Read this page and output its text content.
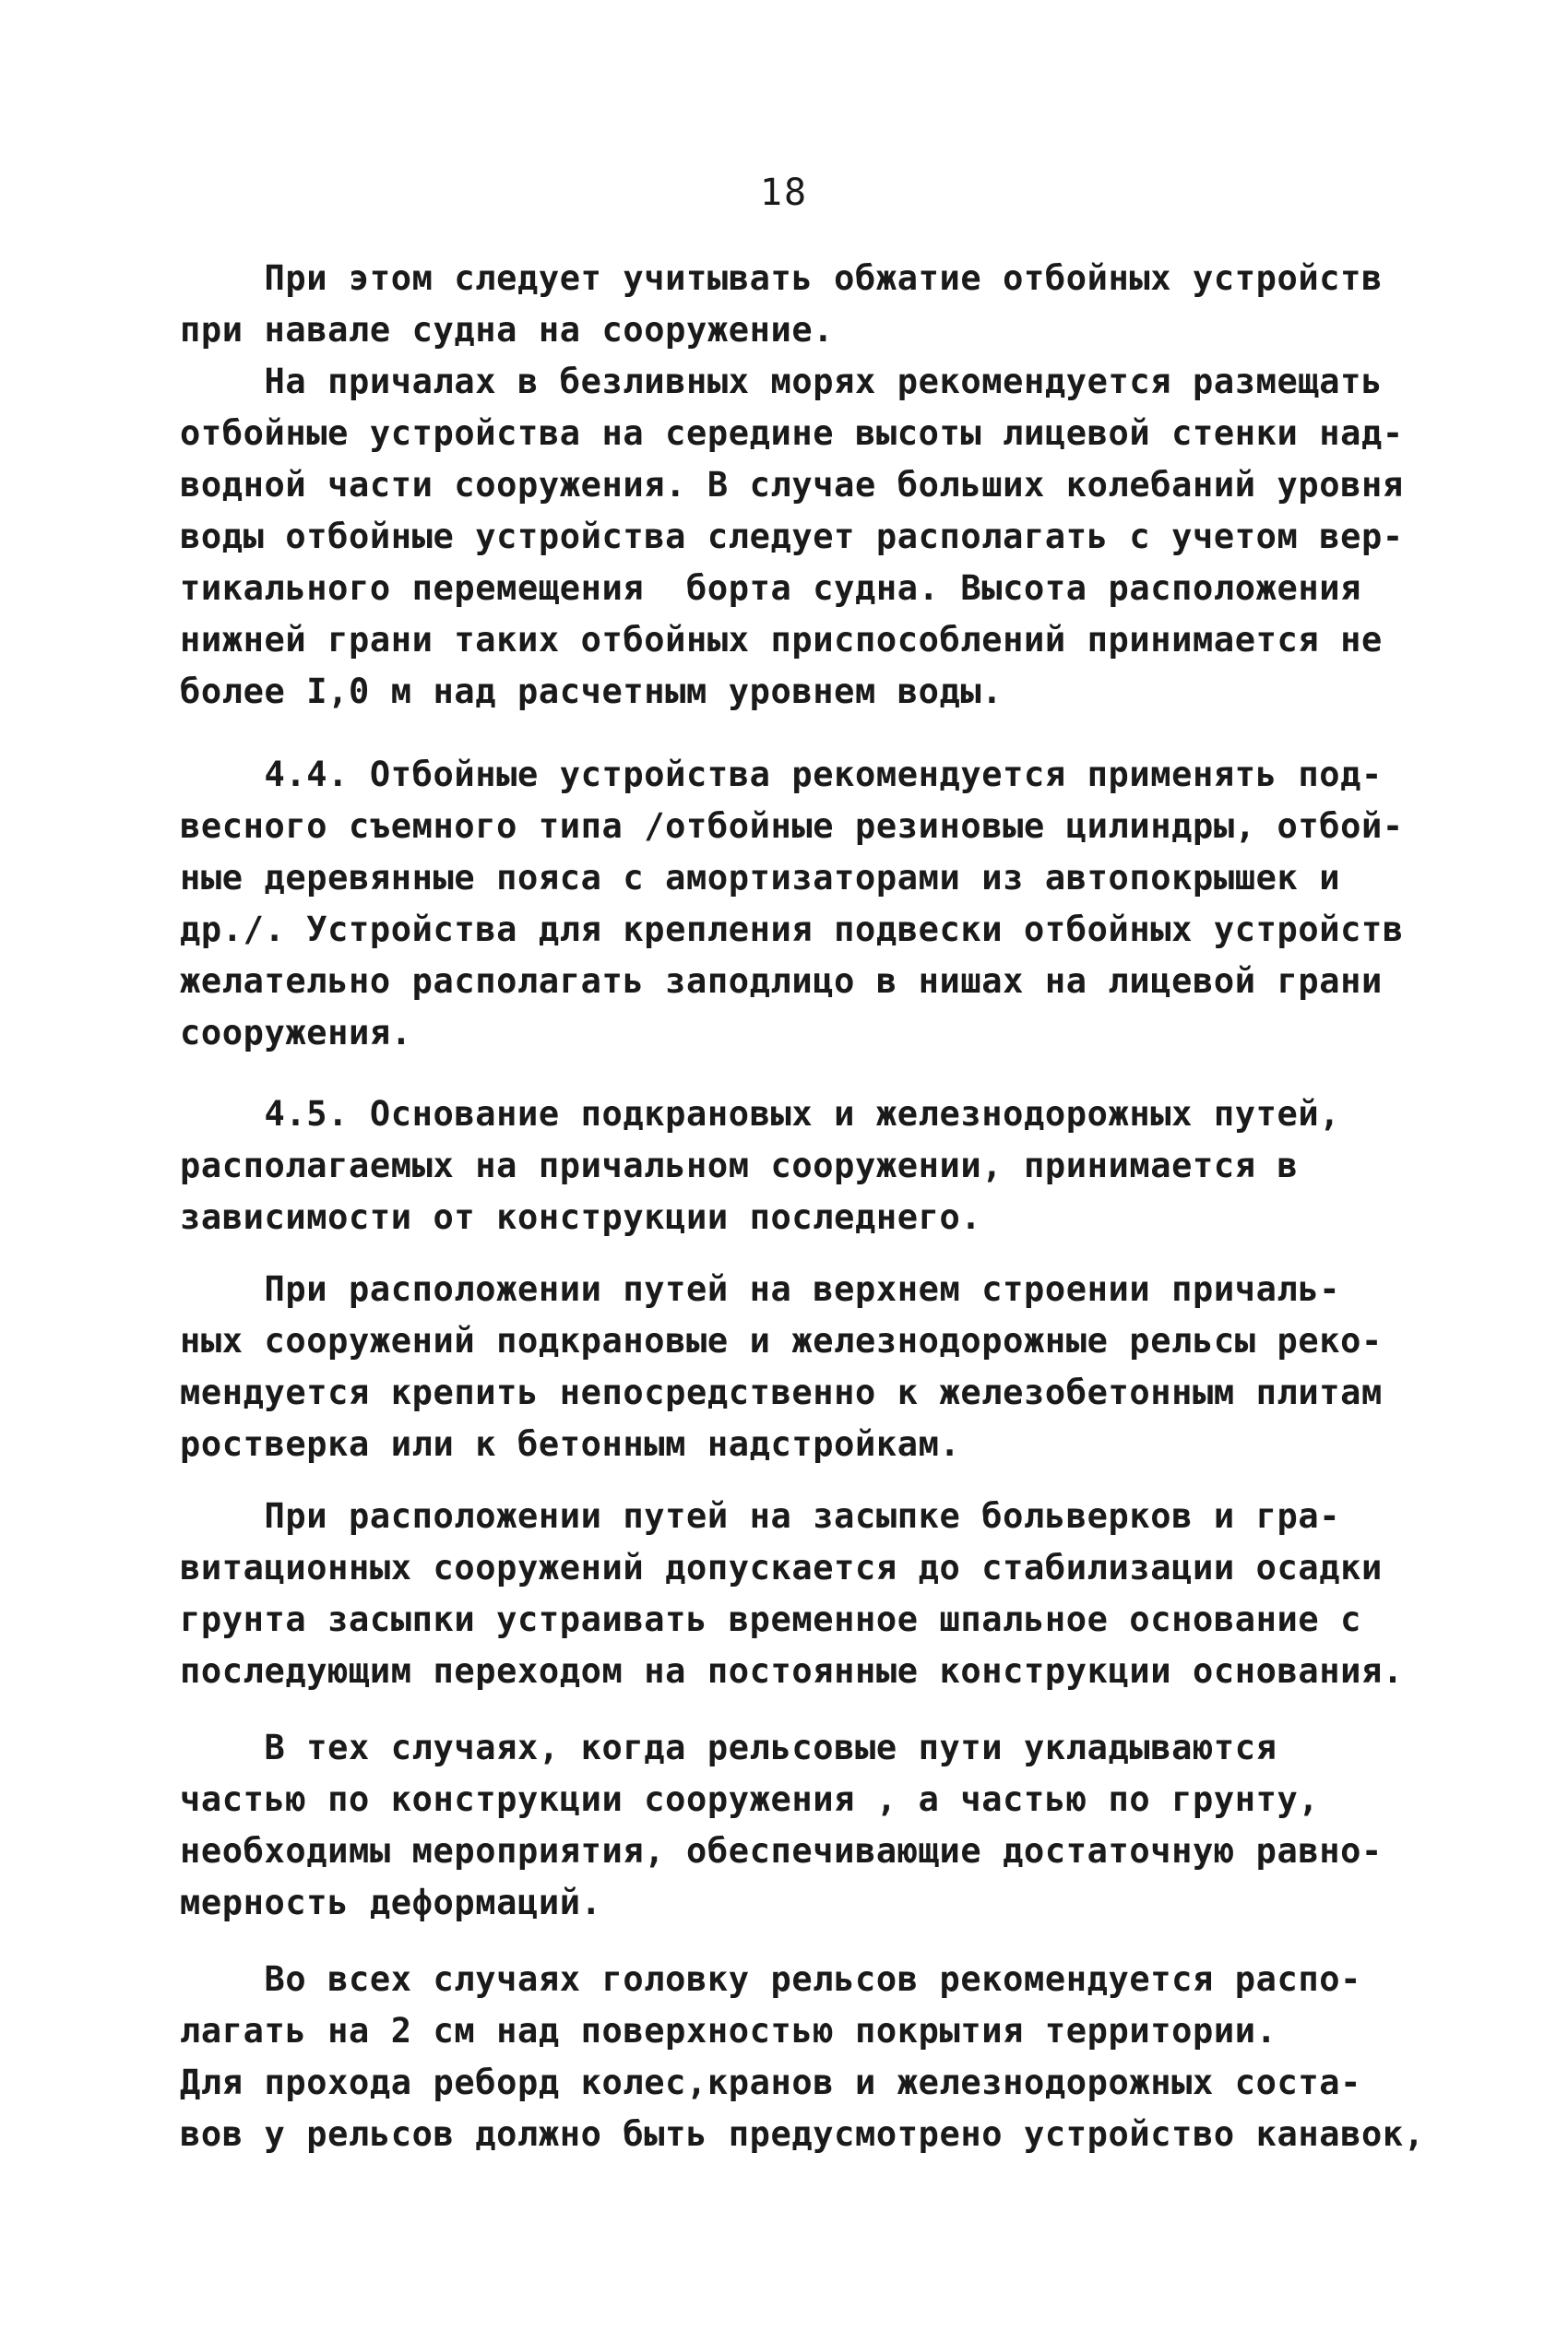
18
При этом следует учитывать обжатие отбойных устройств
при навале судна на сооружение.
На причалах в безливных морях рекомендуется размещать
отбойные устройства на середине высоты лицевой стенки над-
водной части сооружения. В случае больших колебаний уровня
воды отбойные устройства следует располагать с учетом вер-
тикального перемещения  борта судна. Высота расположения
нижней грани таких отбойных приспособлений принимается не
более I,0 м над расчетным уровнем воды.
4.4. Отбойные устройства рекомендуется применять под-
весного съемного типа /отбойные резиновые цилиндры, отбой-
ные деревянные пояса с амортизаторами из автопокрышек и
др./. Устройства для крепления подвески отбойных устройств
желательно располагать заподлицо в нишах на лицевой грани
сооружения.
4.5. Основание подкрановых и железнодорожных путей,
располагаемых на причальном сооружении, принимается в
зависимости от конструкции последнего.
При расположении путей на верхнем строении причаль-
ных сооружений подкрановые и железнодорожные рельсы реко-
мендуется крепить непосредственно к железобетонным плитам
ростверка или к бетонным надстройкам.
При расположении путей на засыпке больверков и гра-
витационных сооружений допускается до стабилизации осадки
грунта засыпки устраивать временное шпальное основание с
последующим переходом на постоянные конструкции основания.
В тех случаях, когда рельсовые пути укладываются
частью по конструкции сооружения , а частью по грунту,
необходимы мероприятия, обеспечивающие достаточную равно-
мерность деформаций.
Во всех случаях головку рельсов рекомендуется распо-
лагать на 2 см над поверхностью покрытия территории.
Для прохода реборд колес,кранов и железнодорожных соста-
вов у рельсов должно быть предусмотрено устройство канавок,
